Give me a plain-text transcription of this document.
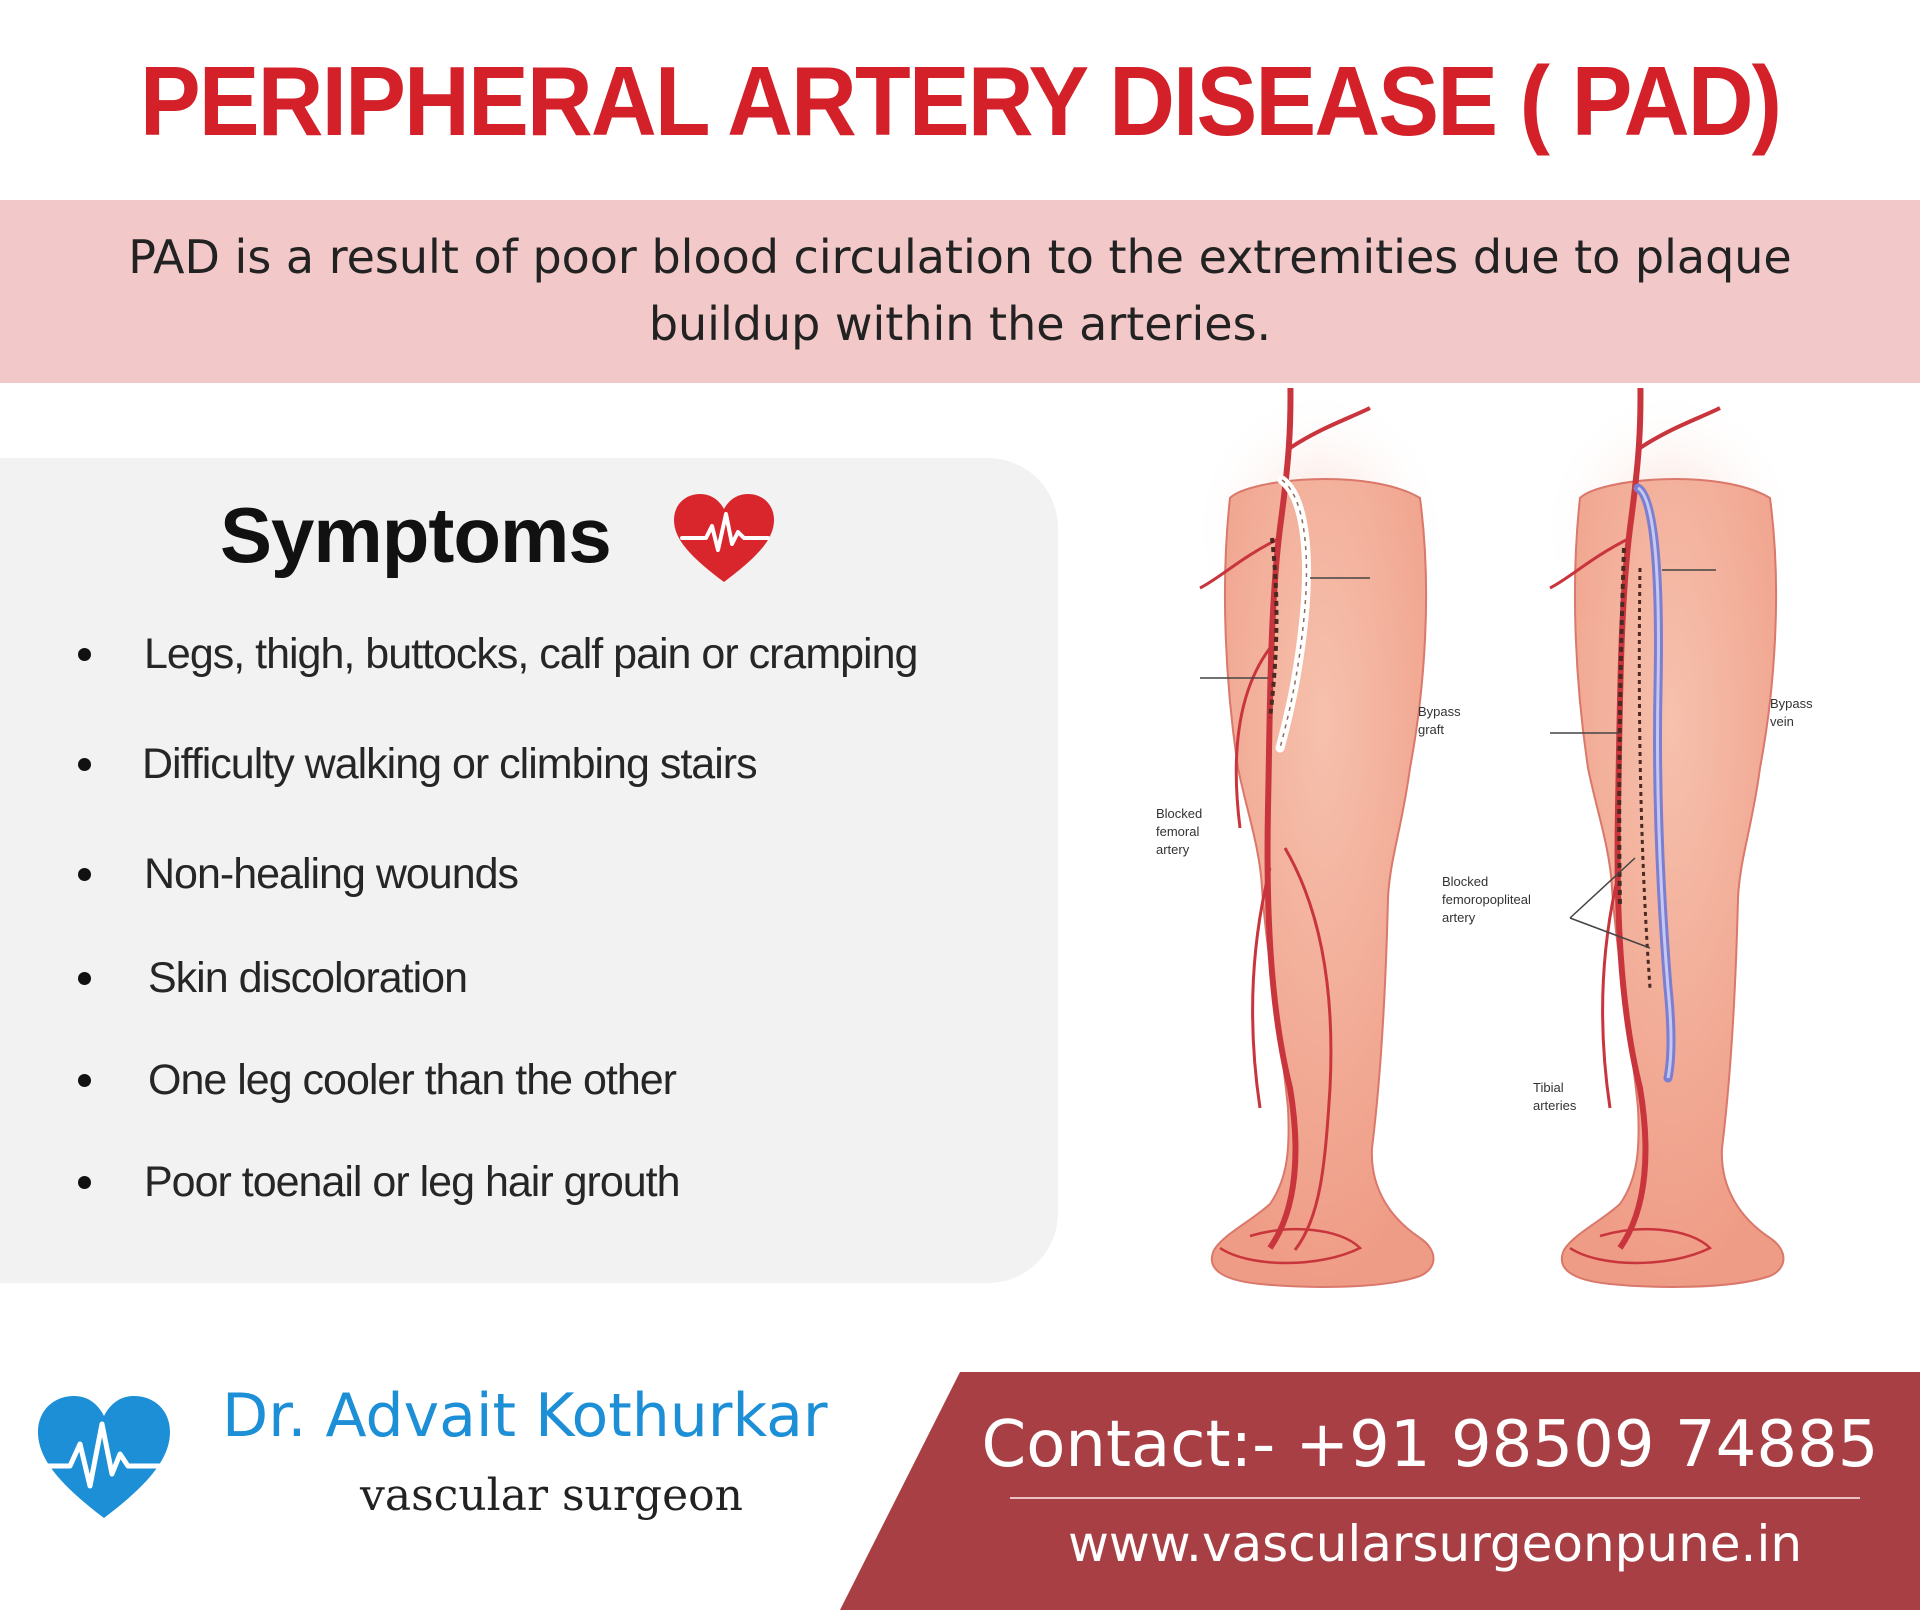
PERIPHERAL ARTERY DISEASE ( PAD)
PAD is a result of poor blood circulation to the extremities due to plaque
buildup within the arteries.
Symptoms
Legs, thigh, buttocks, calf pain or cramping
Difficulty walking or climbing stairs
Non-healing wounds
Skin discoloration
One leg cooler than the other
Poor toenail or leg hair grouth
Bypass
graft
Blocked
femoral
artery
Bypass
vein
Blocked
femoropopliteal
artery
Tibial
arteries
Dr. Advait Kothurkar
vascular surgeon
Contact:- +91 98509 74885
www.vascularsurgeonpune.in
